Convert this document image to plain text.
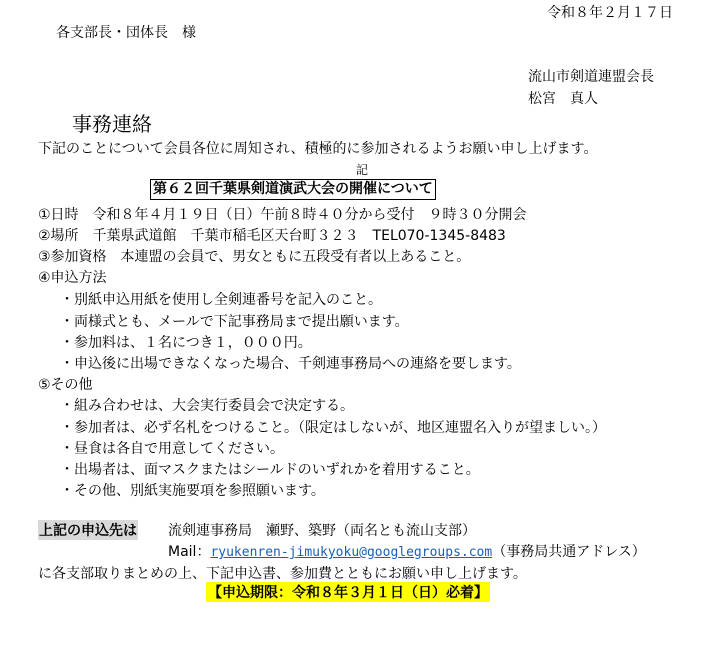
令和８年２月１７日
各支部長・団体長　様
流山市剣道連盟会長
松宮　真人
事務連絡
下記のことについて会員各位に周知され、積極的に参加されるようお願い申し上げます。
記
第６２回千葉県剣道演武大会の開催について
①日時　令和８年４月１９日（日）午前８時４０分から受付　９時３０分開会
②場所　千葉県武道館　千葉市稲毛区天台町３２３　TEL070-1345-8483
③参加資格　本連盟の会員で、男女ともに五段受有者以上あること。
④申込方法
・別紙申込用紙を使用し全剣連番号を記入のこと。
・両様式とも、メールで下記事務局まで提出願います。
・参加料は、１名につき１，０００円。
・申込後に出場できなくなった場合、千剣連事務局への連絡を要します。
⑤その他
・組み合わせは、大会実行委員会で決定する。
・参加者は、必ず名札をつけること。（限定はしないが、地区連盟名入りが望ましい。）
・昼食は各自で用意してください。
・出場者は、面マスクまたはシールドのいずれかを着用すること。
・その他、別紙実施要項を参照願います。
上記の申込先は 流剣連事務局　瀬野、築野（両名とも流山支部）
Mail：ryukenren-jimukyoku@googlegroups.com（事務局共通アドレス）
に各支部取りまとめの上、下記申込書、参加費とともにお願い申し上げます。
【申込期限：令和８年３月１日（日）必着】
